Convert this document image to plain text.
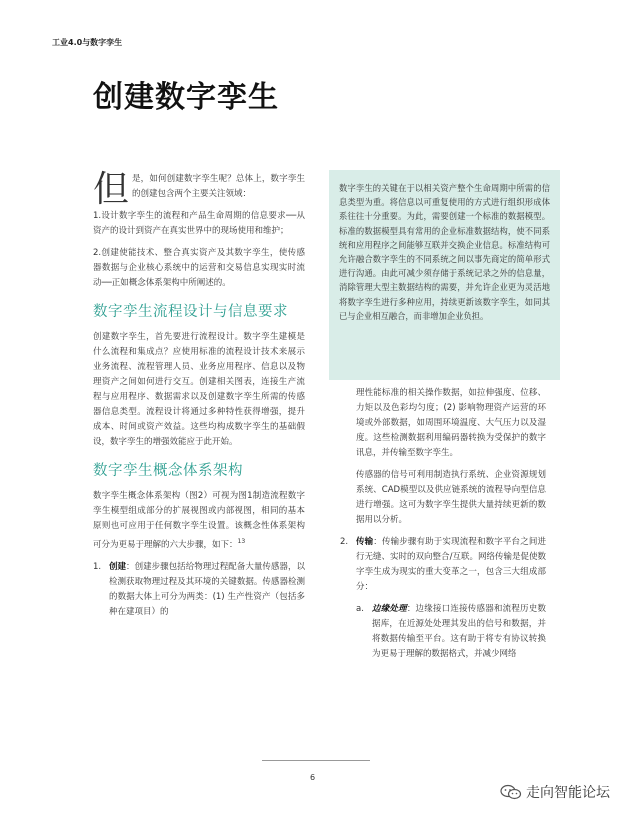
工业4.0与数字孪生
创建数字孪生

但是，如何创建数字孪生呢？总体上，数字孪生的创建包含两个主要关注领域：

1.设计数字孪生的流程和产品生命周期的信息要求──从资产的设计到资产在真实世界中的现场使用和维护；

2.创建使能技术、整合真实资产及其数字孪生，使传感器数据与企业核心系统中的运营和交易信息实现实时流动──正如概念体系架构中所阐述的。

数字孪生流程设计与信息要求

创建数字孪生，首先要进行流程设计。数字孪生建模是什么流程和集成点？应使用标准的流程设计技术来展示业务流程、流程管理人员、业务应用程序、信息以及物理资产之间如何进行交互。创建相关图表，连接生产流程与应用程序、数据需求以及创建数字孪生所需的传感器信息类型。流程设计将通过多种特性获得增强，提升成本、时间或资产效益。这些均构成数字孪生的基础假设，数字孪生的增强效能应于此开始。

数字孪生概念体系架构

数字孪生概念体系架构（图2）可视为图1制造流程数字孪生模型组成部分的扩展视图或内部视图，相同的基本原则也可应用于任何数字孪生设置。该概念性体系架构可分为更易于理解的六大步骤，如下：$^{13}$

1. 创建：创建步骤包括给物理过程配备大量传感器，以检测获取物理过程及其环境的关键数据。传感器检测的数据大体上可分为两类：(1) 生产性资产（包括多种在建项目）的
数字孪生的关键在于以相关资产整个生命周期中所需的信息类型为重。将信息以可重复使用的方式进行组织形成体系往往十分重要。为此，需要创建一个标准的数据模型。标准的数据模型具有常用的企业标准数据结构，使不同系统和应用程序之间能够互联并交换企业信息。标准结构可允许融合数字孪生的不同系统之间以事先商定的简单形式进行沟通。由此可减少须存储于系统记录之外的信息量，消除管理大型主数据结构的需要，并允许企业更为灵活地将数字孪生进行多种应用，持续更新该数字孪生，如同其已与企业相互融合，而非增加企业负担。

理性能标准的相关操作数据，如拉伸强度、位移、力矩以及色彩均匀度；(2) 影响物理资产运营的环境或外部数据，如周围环境温度、大气压力以及湿度。这些检测数据利用编码器转换为受保护的数字讯息，并传输至数字孪生。

传感器的信号可利用制造执行系统、企业资源规划系统、CAD模型以及供应链系统的流程导向型信息进行增强。这可为数字孪生提供大量持续更新的数据用以分析。

2. 传输：传输步骤有助于实现流程和数字平台之间进行无缝、实时的双向整合/互联。网络传输是促使数字孪生成为现实的重大变革之一，包含三大组成部分：
a. 边缘处理：边缘接口连接传感器和流程历史数据库，在近源处处理其发出的信号和数据，并将数据传输至平台。这有助于将专有协议转换为更易于理解的数据格式，并减少网络
6
走向智能论坛
